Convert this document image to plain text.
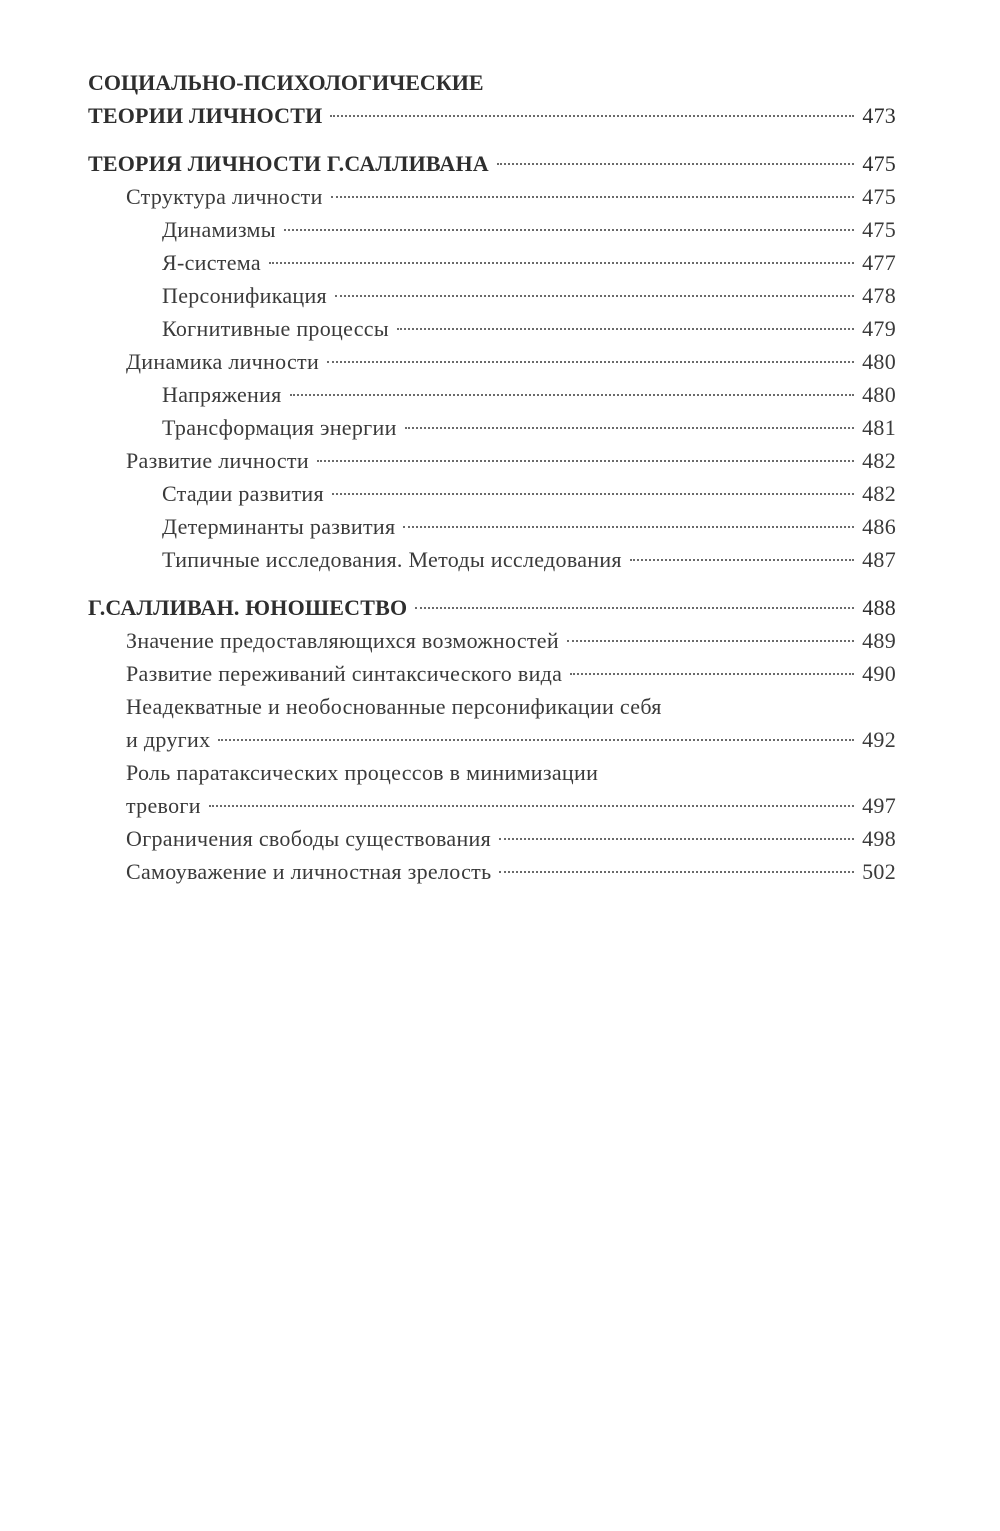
СОЦИАЛЬНО-ПСИХОЛОГИЧЕСКИЕ
ТЕОРИИ ЛИЧНОСТИ	473
ТЕОРИЯ ЛИЧНОСТИ Г.САЛЛИВАНА	475
Структура личности	475
Динамизмы	475
Я-система	477
Персонификация	478
Когнитивные процессы	479
Динамика личности	480
Напряжения	480
Трансформация энергии	481
Развитие личности	482
Стадии развития	482
Детерминанты развития	486
Типичные исследования. Методы исследования	487
Г.САЛЛИВАН. ЮНОШЕСТВО	488
Значение предоставляющихся возможностей	489
Развитие переживаний синтаксического вида	490
Неадекватные и необоснованные персонификации себя
и других	492
Роль паратаксических процессов в минимизации
тревоги	497
Ограничения свободы существования	498
Самоуважение и личностная зрелость	502
